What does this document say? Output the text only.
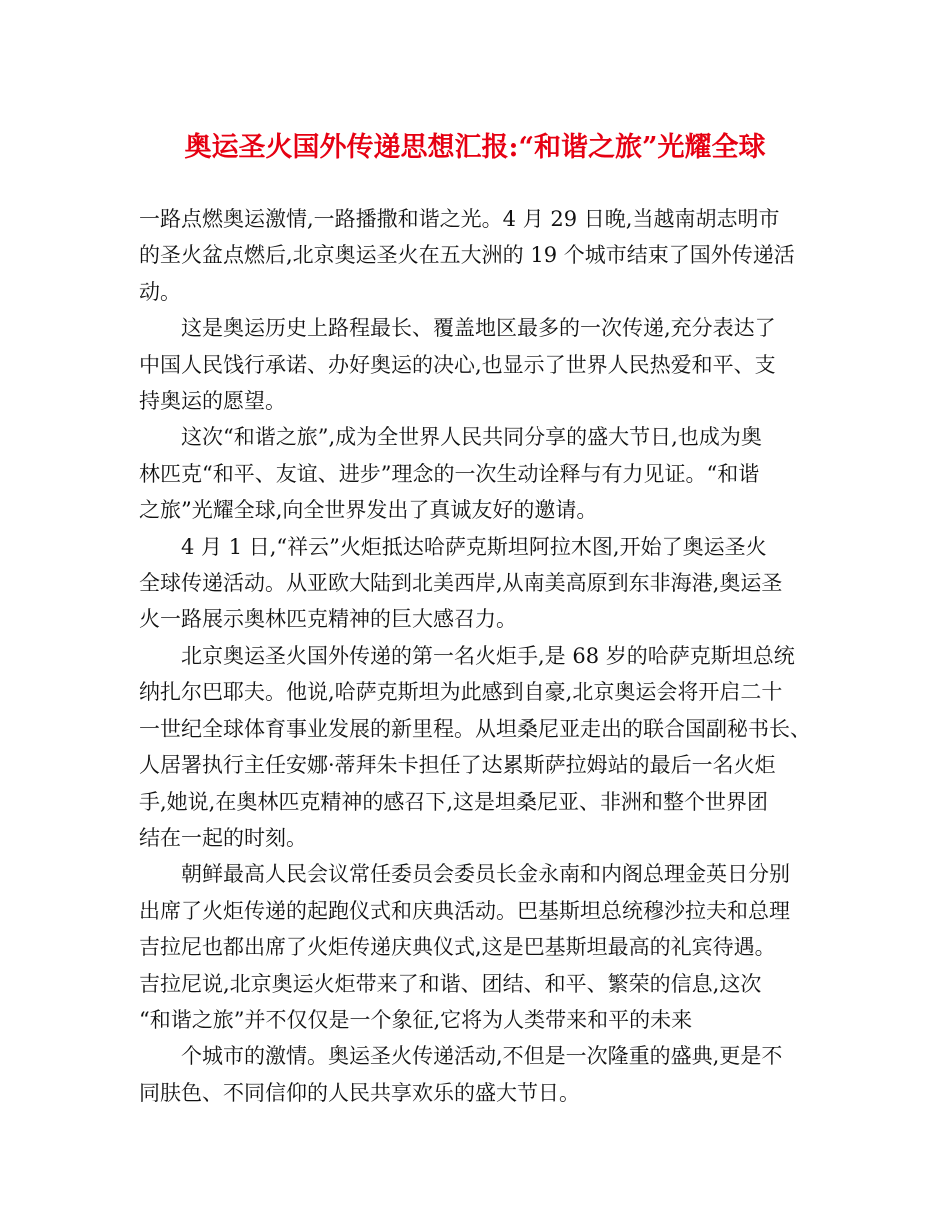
奥运圣火国外传递思想汇报:“和谐之旅”光耀全球
一路点燃奥运激情,一路播撒和谐之光。4 月 29 日晚,当越南胡志明市
的圣火盆点燃后,北京奥运圣火在五大洲的 19 个城市结束了国外传递活
动。
这是奥运历史上路程最长、覆盖地区最多的一次传递,充分表达了
中国人民饯行承诺、办好奥运的决心,也显示了世界人民热爱和平、支
持奥运的愿望。
这次“和谐之旅”,成为全世界人民共同分享的盛大节日,也成为奥
林匹克“和平、友谊、进步”理念的一次生动诠释与有力见证。“和谐
之旅”光耀全球,向全世界发出了真诚友好的邀请。
4 月 1 日,“祥云”火炬抵达哈萨克斯坦阿拉木图,开始了奥运圣火
全球传递活动。从亚欧大陆到北美西岸,从南美高原到东非海港,奥运圣
火一路展示奥林匹克精神的巨大感召力。
北京奥运圣火国外传递的第一名火炬手,是 68 岁的哈萨克斯坦总统
纳扎尔巴耶夫。他说,哈萨克斯坦为此感到自豪,北京奥运会将开启二十
一世纪全球体育事业发展的新里程。从坦桑尼亚走出的联合国副秘书长、
人居署执行主任安娜·蒂拜朱卡担任了达累斯萨拉姆站的最后一名火炬
手,她说,在奥林匹克精神的感召下,这是坦桑尼亚、非洲和整个世界团
结在一起的时刻。
朝鲜最高人民会议常任委员会委员长金永南和内阁总理金英日分别
出席了火炬传递的起跑仪式和庆典活动。巴基斯坦总统穆沙拉夫和总理
吉拉尼也都出席了火炬传递庆典仪式,这是巴基斯坦最高的礼宾待遇。
吉拉尼说,北京奥运火炬带来了和谐、团结、和平、繁荣的信息,这次
“和谐之旅”并不仅仅是一个象征,它将为人类带来和平的未来
个城市的激情。奥运圣火传递活动,不但是一次隆重的盛典,更是不
同肤色、不同信仰的人民共享欢乐的盛大节日。
